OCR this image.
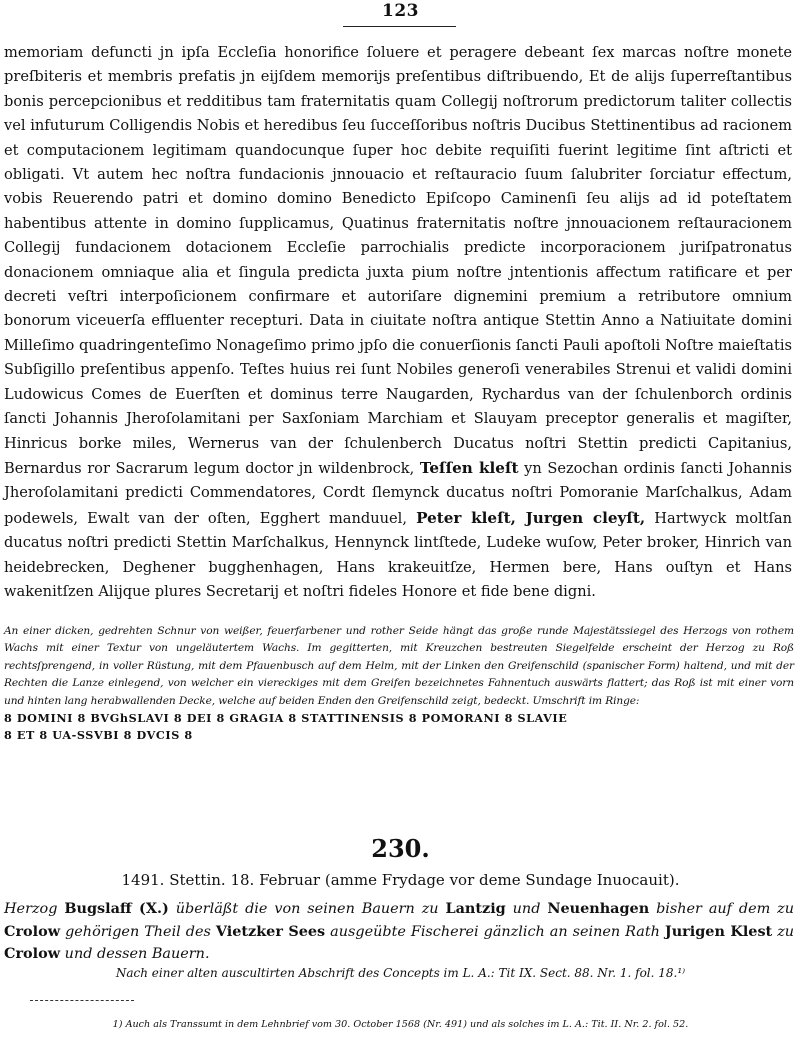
123

memoriam defuncti jn ipſa Eccleſia honorifice ſoluere et peragere debeant ſex marcas noſtre monete preſbiteris et membris prefatis jn eijſdem memorijs preſentibus diſtribuendo, Et de alijs ſuperreſtantibus bonis percepcionibus et redditibus tam fraternitatis quam Collegij noſtrorum predictorum taliter collectis vel infuturum Colligendis Nobis et heredibus ſeu ſucceſſoribus noſtris Ducibus Stettinentibus ad racionem et computacionem legitimam quandocunque ſuper hoc debite requiſiti fuerint legitime ſint aſtricti et obligati. Vt autem hec noſtra fundacionis jnnouacio et reſtauracio ſuum ſalubriter ſorciatur effectum, vobis Reuerendo patri et domino domino Benedicto Epiſcopo Caminenſi ſeu alijs ad id poteſtatem habentibus attente in domino ſupplicamus, Quatinus fraternitatis noſtre jnnouacionem reſtauracionem Collegij fundacionem dotacionem Eccleſie parrochialis predicte incorporacionem juriſpatronatus donacionem omniaque alia et ſingula predicta juxta pium noſtre jntentionis affectum ratificare et per decreti veſtri interpoſicionem confirmare et autoriſare dignemini premium a retributore omnium bonorum viceuerſa effluenter recepturi. Data in ciuitate noſtra antique Stettin Anno a Natiuitate domini Milleſimo quadringenteſimo Nonageſimo primo jpſo die conuerſionis ſancti Pauli apoſtoli Noſtre maieſtatis Subſigillo preſentibus appenſo. Teſtes huius rei ſunt Nobiles generoſi venerabiles Strenui et validi domini Ludowicus Comes de Euerſten et dominus terre Naugarden, Rychardus van der ſchulenborch ordinis ſancti Johannis Jheroſolamitani per Saxſoniam Marchiam et Slauyam preceptor generalis et magiſter, Hinricus borke miles, Wernerus van der ſchulenberch Ducatus noſtri Stettin predicti Capitanius, Bernardus ror Sacrarum legum doctor jn wildenbrock, Teſſen kleſt yn Sezochan ordinis ſancti Johannis Jheroſolamitani predicti Commendatores, Cordt ſlemynck ducatus noſtri Pomoranie Marſchalkus, Adam podewels, Ewalt van der oſten, Egghert manduuel, Peter kleſt, Jurgen cleyſt, Hartwyck moltſan ducatus noſtri predicti Stettin Marſchalkus, Hennynck lintſtede, Ludeke wuſow, Peter broker, Hinrich van heidebrecken, Deghener bugghenhagen, Hans krakeuitſze, Hermen bere, Hans ouſtyn et Hans wakenitſzen Alijque plures Secretarij et noſtri fideles Honore et fide bene digni.

An einer dicken, gedrehten Schnur von weißer, feuerfarbener und rother Seide hängt das große runde Majestätssiegel des Herzogs von rothem Wachs mit einer Textur von ungeläutertem Wachs. Im gegitterten, mit Kreuzchen bestreuten Siegelfelde erscheint der Herzog zu Roß rechtsſprengend, in voller Rüstung, mit dem Pfauenbusch auf dem Helm, mit der Linken den Greifenschild (spanischer Form) haltend, und mit der Rechten die Lanze einlegend, von welcher ein viereckiges mit dem Greifen bezeichnetes Fahnentuch auswärts flattert; das Roß ist mit einer vorn und hinten lang herabwallenden Decke, welche auf beiden Enden den Greifenschild zeigt, bedeckt. Umschrift im Ringe:
8 DOMINI 8 BVGhSLAVI 8 DEI 8 GRAGIA 8 STATTINENSIS 8 POMORANI 8 SLAVIE
8 ET 8 UA-SSVBI 8 DVCIS 8

230.
1491. Stettin. 18. Februar (amme Frydage vor deme Sundage Inuocauit).

Herzog Bugslaff (X.) überläßt die von seinen Bauern zu Lantzig und Neuenhagen bisher auf dem zu Crolow gehörigen Theil des Vietzker Sees ausgeübte Fischerei gänzlich an seinen Rath Jurigen Klest zu Crolow und dessen Bauern.

Nach einer alten auscultirten Abschrift des Concepts im L. A.: Tit IX. Sect. 88. Nr. 1. fol. 18.¹⁾
1) Auch als Transsumt in dem Lehnbrief vom 30. October 1568 (Nr. 491) und als solches im L. A.: Tit. II. Nr. 2. fol. 52.
